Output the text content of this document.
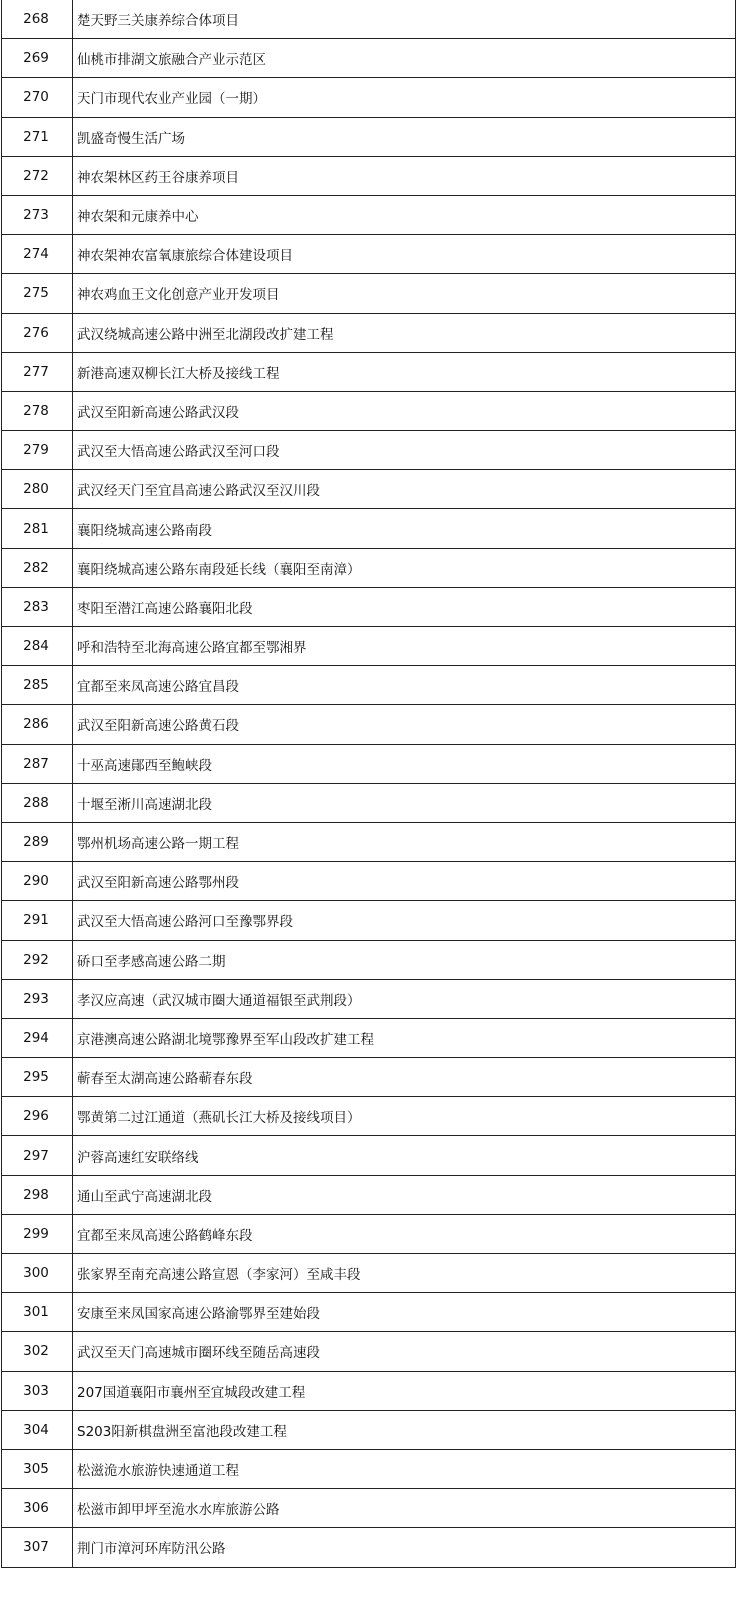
268	楚天野三关康养综合体项目
269	仙桃市排湖文旅融合产业示范区
270	天门市现代农业产业园（一期）
271	凯盛奇慢生活广场
272	神农架林区药王谷康养项目
273	神农架和元康养中心
274	神农架神农富氧康旅综合体建设项目
275	神农鸡血王文化创意产业开发项目
276	武汉绕城高速公路中洲至北湖段改扩建工程
277	新港高速双柳长江大桥及接线工程
278	武汉至阳新高速公路武汉段
279	武汉至大悟高速公路武汉至河口段
280	武汉经天门至宜昌高速公路武汉至汉川段
281	襄阳绕城高速公路南段
282	襄阳绕城高速公路东南段延长线（襄阳至南漳）
283	枣阳至潜江高速公路襄阳北段
284	呼和浩特至北海高速公路宜都至鄂湘界
285	宜都至来凤高速公路宜昌段
286	武汉至阳新高速公路黄石段
287	十巫高速鄖西至鲍峡段
288	十堰至淅川高速湖北段
289	鄂州机场高速公路一期工程
290	武汉至阳新高速公路鄂州段
291	武汉至大悟高速公路河口至豫鄂界段
292	硚口至孝感高速公路二期
293	孝汉应高速（武汉城市圈大通道福银至武荆段）
294	京港澳高速公路湖北境鄂豫界至军山段改扩建工程
295	蕲春至太湖高速公路蕲春东段
296	鄂黄第二过江通道（燕矶长江大桥及接线项目）
297	沪蓉高速红安联络线
298	通山至武宁高速湖北段
299	宜都至来凤高速公路鹤峰东段
300	张家界至南充高速公路宣恩（李家河）至咸丰段
301	安康至来凤国家高速公路渝鄂界至建始段
302	武汉至天门高速城市圈环线至随岳高速段
303	207国道襄阳市襄州至宜城段改建工程
304	S203阳新棋盘洲至富池段改建工程
305	松滋洈水旅游快速通道工程
306	松滋市卸甲坪至洈水水库旅游公路
307	荆门市漳河环库防汛公路
